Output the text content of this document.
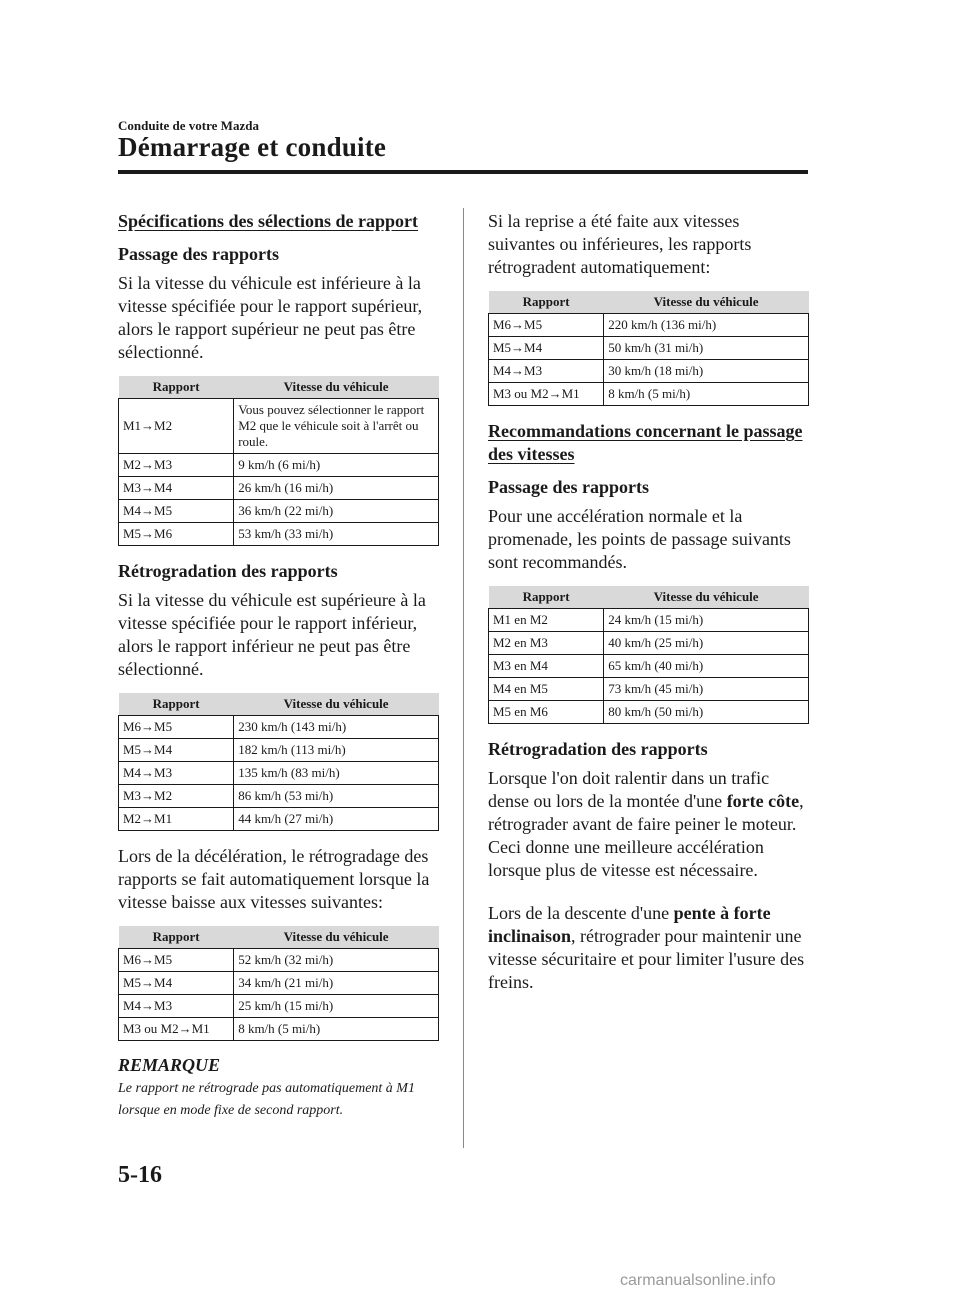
Conduite de votre Mazda
Démarrage et conduite
Spécifications des sélections de rapport
Passage des rapports

Si la vitesse du véhicule est inférieure à la vitesse spécifiée pour le rapport supérieur, alors le rapport supérieur ne peut pas être sélectionné.

Rapport	Vitesse du véhicule
M1→M2	Vous pouvez sélectionner le rapport M2 que le véhicule soit à l'arrêt ou roule.
M2→M3	9 km/h (6 mi/h)
M3→M4	26 km/h (16 mi/h)
M4→M5	36 km/h (22 mi/h)
M5→M6	53 km/h (33 mi/h)
Rétrogradation des rapports

Si la vitesse du véhicule est supérieure à la vitesse spécifiée pour le rapport inférieur, alors le rapport inférieur ne peut pas être sélectionné.

Rapport	Vitesse du véhicule
M6→M5	230 km/h (143 mi/h)
M5→M4	182 km/h (113 mi/h)
M4→M3	135 km/h (83 mi/h)
M3→M2	86 km/h (53 mi/h)
M2→M1	44 km/h (27 mi/h)

Lors de la décélération, le rétrogradage des rapports se fait automatiquement lorsque la vitesse baisse aux vitesses suivantes:

Rapport	Vitesse du véhicule
M6→M5	52 km/h (32 mi/h)
M5→M4	34 km/h (21 mi/h)
M4→M3	25 km/h (15 mi/h)
M3 ou M2→M1	8 km/h (5 mi/h)
REMARQUE

Le rapport ne rétrograde pas automatiquement à M1 lorsque en mode fixe de second rapport.

Si la reprise a été faite aux vitesses suivantes ou inférieures, les rapports rétrogradent automatiquement:

Rapport	Vitesse du véhicule
M6→M5	220 km/h (136 mi/h)
M5→M4	50 km/h (31 mi/h)
M4→M3	30 km/h (18 mi/h)
M3 ou M2→M1	8 km/h (5 mi/h)
Recommandations concernant le passage des vitesses
Passage des rapports

Pour une accélération normale et la promenade, les points de passage suivants sont recommandés.

Rapport	Vitesse du véhicule
M1 en M2	24 km/h (15 mi/h)
M2 en M3	40 km/h (25 mi/h)
M3 en M4	65 km/h (40 mi/h)
M4 en M5	73 km/h (45 mi/h)
M5 en M6	80 km/h (50 mi/h)
Rétrogradation des rapports

Lorsque l'on doit ralentir dans un trafic dense ou lors de la montée d'une forte côte, rétrograder avant de faire peiner le moteur. Ceci donne une meilleure accélération lorsque plus de vitesse est nécessaire.

Lors de la descente d'une pente à forte inclinaison, rétrograder pour maintenir une vitesse sécuritaire et pour limiter l'usure des freins.

5-16
carmanualsonline.info
